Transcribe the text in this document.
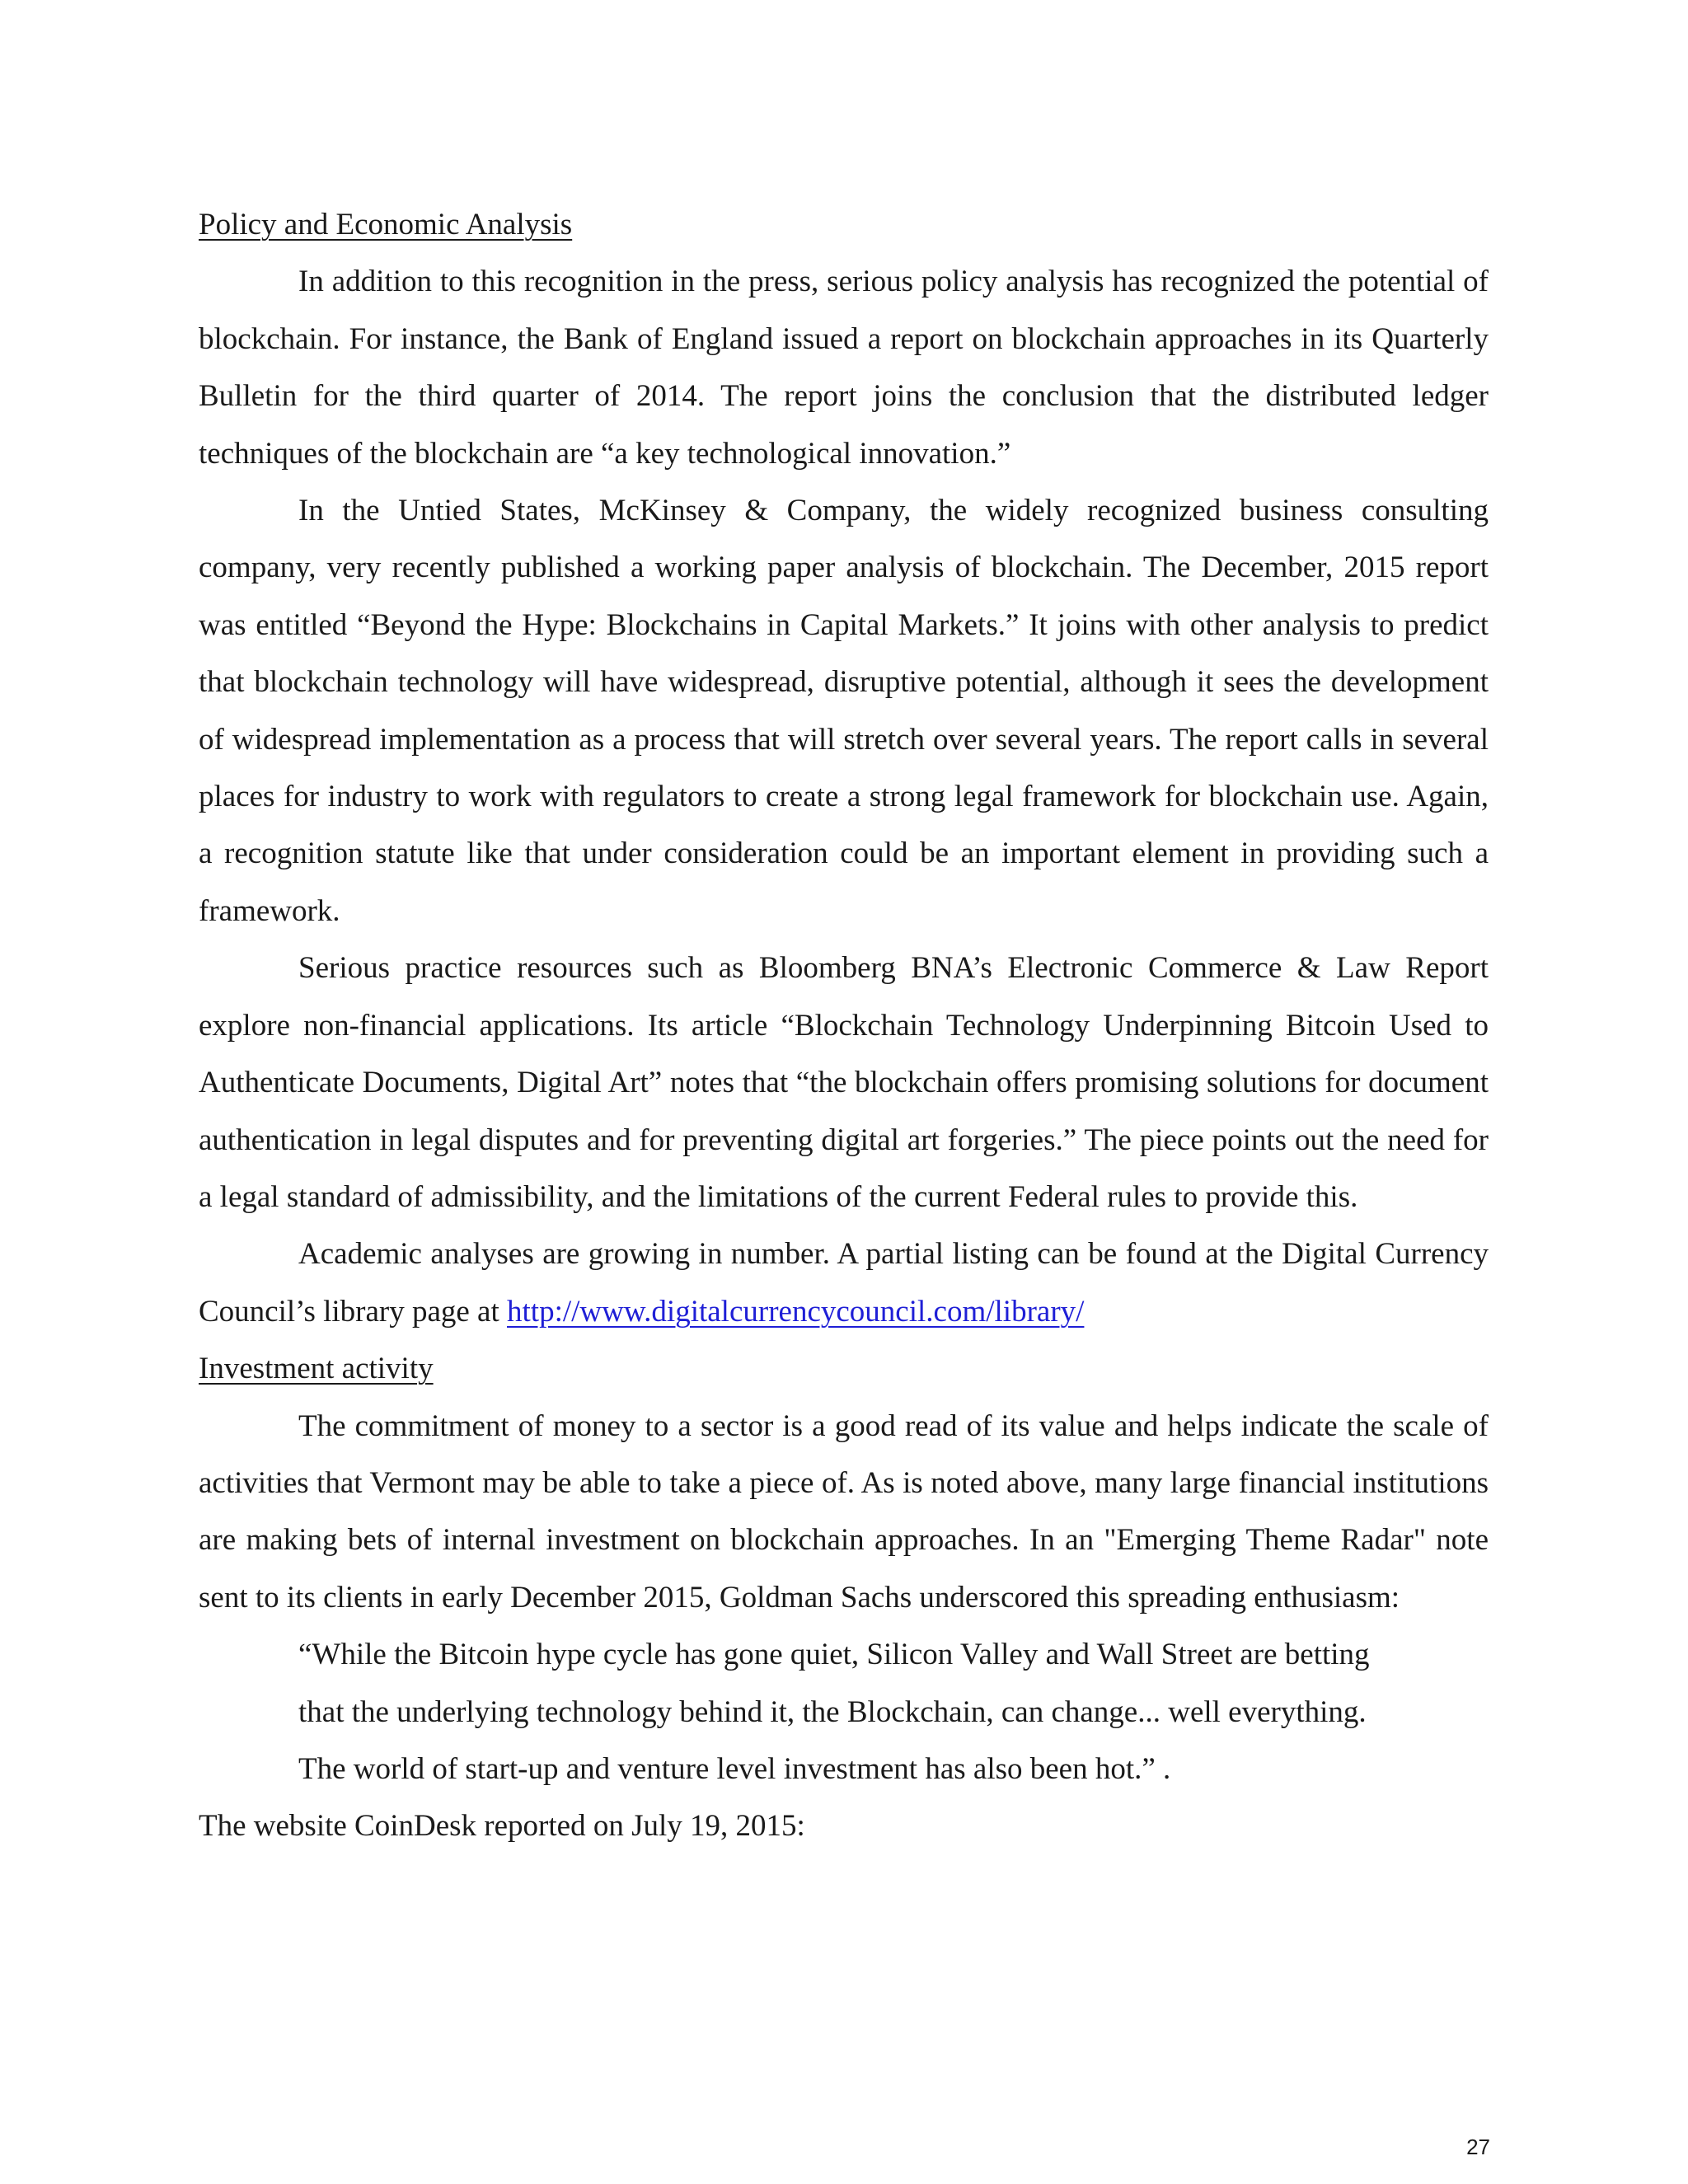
Policy and Economic Analysis

In addition to this recognition in the press, serious policy analysis has recognized the potential of blockchain. For instance, the Bank of England issued a report on blockchain approaches in its Quarterly Bulletin for the third quarter of 2014. The report joins the conclusion that the distributed ledger techniques of the blockchain are “a key technological innovation.”

In the Untied States, McKinsey & Company, the widely recognized business consulting company, very recently published a working paper analysis of blockchain. The December, 2015 report was entitled “Beyond the Hype: Blockchains in Capital Markets.” It joins with other analysis to predict that blockchain technology will have widespread, disruptive potential, although it sees the development of widespread implementation as a process that will stretch over several years. The report calls in several places for industry to work with regulators to create a strong legal framework for blockchain use. Again, a recognition statute like that under consideration could be an important element in providing such a framework.

Serious practice resources such as Bloomberg BNA’s Electronic Commerce & Law Report explore non-financial applications. Its article “Blockchain Technology Underpinning Bitcoin Used to Authenticate Documents, Digital Art” notes that “the blockchain offers promising solutions for document authentication in legal disputes and for preventing digital art forgeries.” The piece points out the need for a legal standard of admissibility, and the limitations of the current Federal rules to provide this.

Academic analyses are growing in number. A partial listing can be found at the Digital Currency Council’s library page at http://www.digitalcurrencycouncil.com/library/

Investment activity

The commitment of money to a sector is a good read of its value and helps indicate the scale of activities that Vermont may be able to take a piece of. As is noted above, many large financial institutions are making bets of internal investment on blockchain approaches. In an "Emerging Theme Radar" note sent to its clients in early December 2015, Goldman Sachs underscored this spreading enthusiasm:

“While the Bitcoin hype cycle has gone quiet, Silicon Valley and Wall Street are betting
that the underlying technology behind it, the Blockchain, can change... well everything.
The world of start-up and venture level investment has also been hot.” .

The website CoinDesk reported on July 19, 2015:

27
